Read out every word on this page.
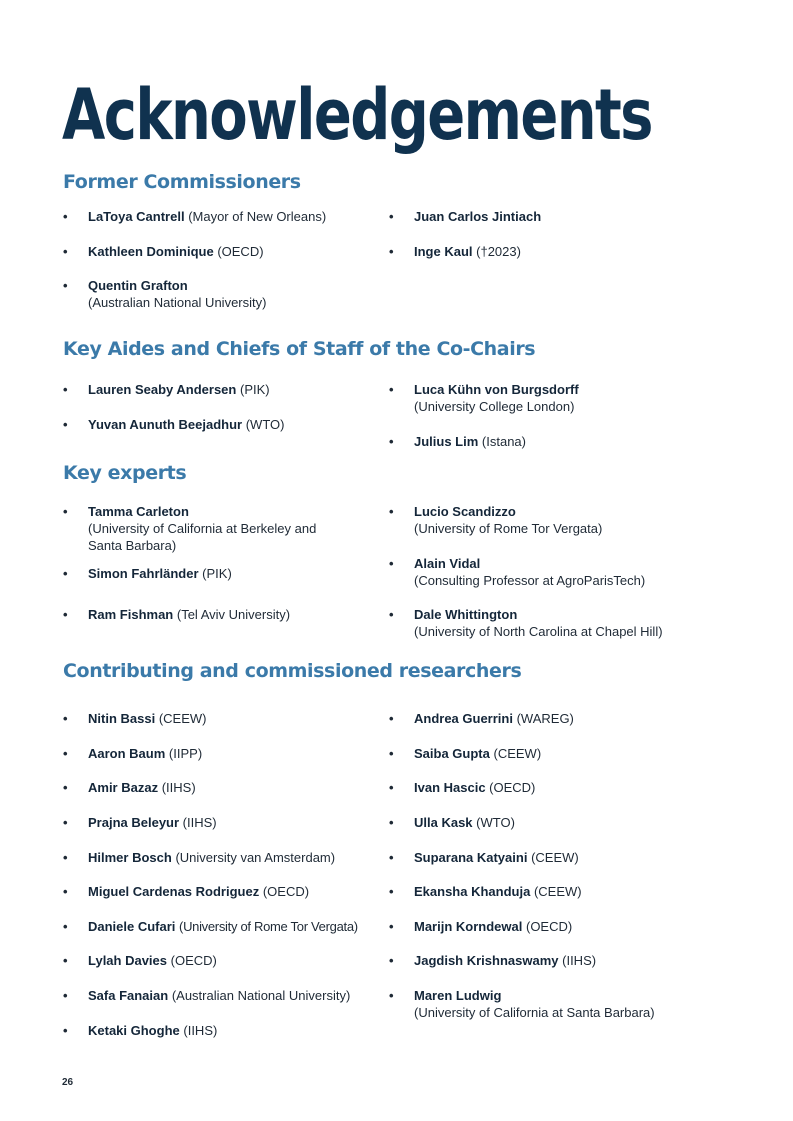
Acknowledgements
Former Commissioners
• LaToya Cantrell (Mayor of New Orleans)
• Kathleen Dominique (OECD)
• Quentin Grafton
(Australian National University)
• Juan Carlos Jintiach
• Inge Kaul (†2023)
Key Aides and Chiefs of Staff of the Co-Chairs
• Lauren Seaby Andersen (PIK)
• Yuvan Aunuth Beejadhur (WTO)
• Luca Kühn von Burgsdorff
(University College London)
• Julius Lim (Istana)
Key experts
• Tamma Carleton
(University of California at Berkeley and
Santa Barbara)
• Simon Fahrländer (PIK)
• Ram Fishman (Tel Aviv University)
• Lucio Scandizzo
(University of Rome Tor Vergata)
• Alain Vidal
(Consulting Professor at AgroParisTech)
• Dale Whittington
(University of North Carolina at Chapel Hill)
Contributing and commissioned researchers
• Nitin Bassi (CEEW)
• Aaron Baum (IIPP)
• Amir Bazaz (IIHS)
• Prajna Beleyur (IIHS)
• Hilmer Bosch (University van Amsterdam)
• Miguel Cardenas Rodriguez (OECD)
• Daniele Cufari (University of Rome Tor Vergata)
• Lylah Davies (OECD)
• Safa Fanaian (Australian National University)
• Ketaki Ghoghe (IIHS)
• Andrea Guerrini (WAREG)
• Saiba Gupta (CEEW)
• Ivan Hascic (OECD)
• Ulla Kask (WTO)
• Suparana Katyaini (CEEW)
• Ekansha Khanduja (CEEW)
• Marijn Korndewal (OECD)
• Jagdish Krishnaswamy (IIHS)
• Maren Ludwig
(University of California at Santa Barbara)
26
